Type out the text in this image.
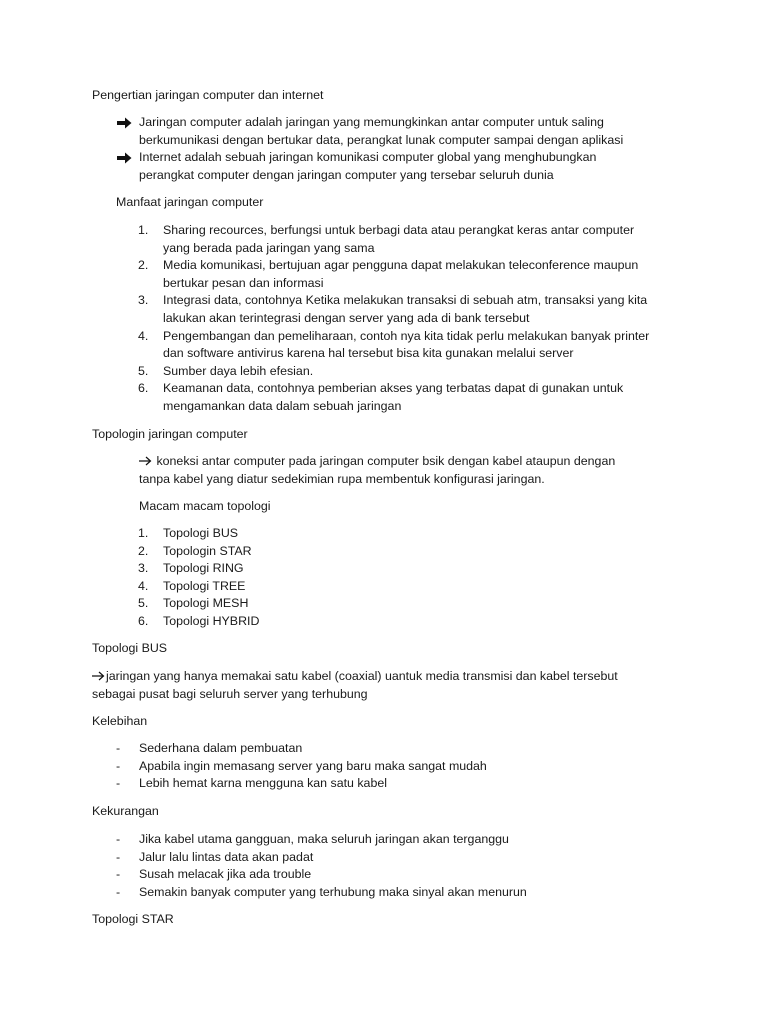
Pengertian jaringan computer dan internet
Jaringan computer adalah jaringan yang memungkinkan antar computer untuk saling
berkumunikasi dengan bertukar data, perangkat lunak computer sampai dengan aplikasi
Internet adalah sebuah jaringan komunikasi computer global yang menghubungkan
perangkat computer dengan jaringan computer yang tersebar seluruh dunia
Manfaat jaringan computer
1. Sharing recources, berfungsi untuk berbagi data atau perangkat keras antar computer
yang berada pada jaringan yang sama
2. Media komunikasi, bertujuan agar pengguna dapat melakukan teleconference maupun
bertukar pesan dan informasi
3. Integrasi data, contohnya Ketika melakukan transaksi di sebuah atm, transaksi yang kita
lakukan akan terintegrasi dengan server yang ada di bank tersebut
4. Pengembangan dan pemeliharaan, contoh nya kita tidak perlu melakukan banyak printer
dan software antivirus karena hal tersebut bisa kita gunakan melalui server
5. Sumber daya lebih efesian.
6. Keamanan data, contohnya pemberian akses yang terbatas dapat di gunakan untuk
mengamankan data dalam sebuah jaringan
Topologin jaringan computer
koneksi antar computer pada jaringan computer bsik dengan kabel ataupun dengan
tanpa kabel yang diatur sedekimian rupa membentuk konfigurasi jaringan.
Macam macam topologi
1. Topologi BUS
2. Topologin STAR
3. Topologi RING
4. Topologi TREE
5. Topologi MESH
6. Topologi HYBRID
Topologi BUS
jaringan yang hanya memakai satu kabel (coaxial) uantuk media transmisi dan kabel tersebut
sebagai pusat bagi seluruh server yang terhubung
Kelebihan
- Sederhana dalam pembuatan
- Apabila ingin memasang server yang baru maka sangat mudah
- Lebih hemat karna mengguna kan satu kabel
Kekurangan
- Jika kabel utama gangguan, maka seluruh jaringan akan terganggu
- Jalur lalu lintas data akan padat
- Susah melacak jika ada trouble
- Semakin banyak computer yang terhubung maka sinyal akan menurun
Topologi STAR
